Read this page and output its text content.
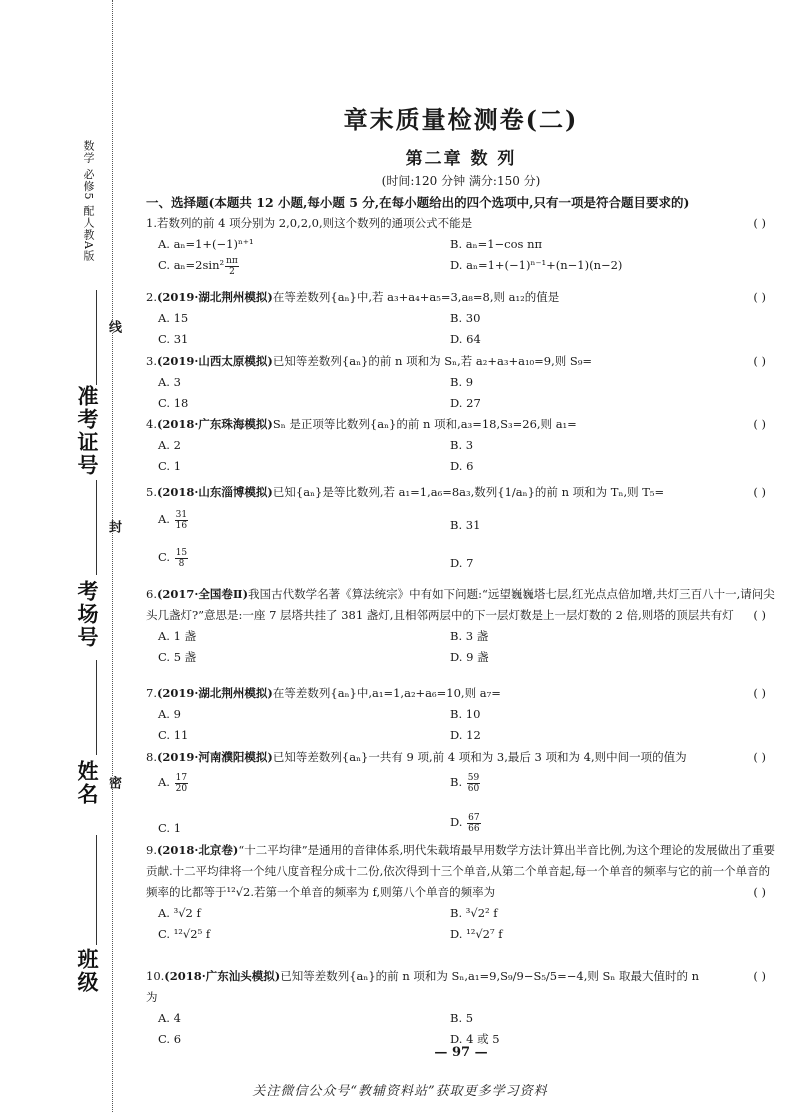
数学 必修5 配人教A版
准考证号
考场号
姓名
班级
线
封
密
章末质量检测卷(二)
第二章 数 列
(时间:120 分钟 满分:150 分)
一、选择题(本题共 12 小题,每小题 5 分,在每小题给出的四个选项中,只有一项是符合题目要求的)
1.若数列的前 4 项分别为 2,0,2,0,则这个数列的通项公式不能是	( )
A. aₙ=1+(−1)ⁿ⁺¹	B. aₙ=1−cos nπ
C. $a_n=2\sin^2 \frac{n\pi}{2}$	D. aₙ=1+(−1)ⁿ⁻¹+(n−1)(n−2)
2.(2019·湖北荆州模拟)在等差数列{aₙ}中,若 a₃+a₄+a₅=3,a₈=8,则 a₁₂的值是	( )
A. 15	B. 30
C. 31	D. 64
3.(2019·山西太原模拟)已知等差数列{aₙ}的前 n 项和为 Sₙ,若 a₂+a₃+a₁₀=9,则 S₉=	( )
A. 3	B. 9
C. 18	D. 27
4.(2018·广东珠海模拟)Sₙ 是正项等比数列{aₙ}的前 n 项和,a₃=18,S₃=26,则 a₁=	( )
A. 2	B. 3
C. 1	D. 6
5.(2018·山东淄博模拟)已知{aₙ}是等比数列,若 a₁=1,a₆=8a₃,数列{1/aₙ}的前 n 项和为 Tₙ,则 T₅=	( )
A. $\frac{31}{16}$	B. 31
C. $\frac{15}{8}$	D. 7
6.(2017·全国卷Ⅱ)我国古代数学名著《算法统宗》中有如下问题:“远望巍巍塔七层,红光点点倍加增,共灯三百八十一,请问尖头几盏灯?”意思是:一座 7 层塔共挂了 381 盏灯,且相邻两层中的下一层灯数是上一层灯数的 2 倍,则塔的顶层共有灯	( )
A. 1 盏	B. 3 盏
C. 5 盏	D. 9 盏
7.(2019·湖北荆州模拟)在等差数列{aₙ}中,a₁=1,a₂+a₆=10,则 a₇=	( )
A. 9	B. 10
C. 11	D. 12
8.(2019·河南濮阳模拟)已知等差数列{aₙ}一共有 9 项,前 4 项和为 3,最后 3 项和为 4,则中间一项的值为	( )
A. $\frac{17}{20}$	B. $\frac{59}{60}$
C. 1	D. $\frac{67}{66}$
9.(2018·北京卷)“十二平均律”是通用的音律体系,明代朱载堉最早用数学方法计算出半音比例,为这个理论的发展做出了重要贡献.十二平均律将一个纯八度音程分成十二份,依次得到十三个单音,从第二个单音起,每一个单音的频率与它的前一个单音的频率的比都等于¹²√2.若第一个单音的频率为 f,则第八个单音的频率为	( )
A. ³√2 f	B. ³√2² f
C. ¹²√2⁵ f	D. ¹²√2⁷ f
10.(2018·广东汕头模拟)已知等差数列{aₙ}的前 n 项和为 Sₙ,a₁=9,S₉/9−S₅/5=−4,则 Sₙ 取最大值时的 n 为
( )
A. 4	B. 5
C. 6	D. 4 或 5
— 97 —
关注微信公众号“教辅资料站”获取更多学习资料
